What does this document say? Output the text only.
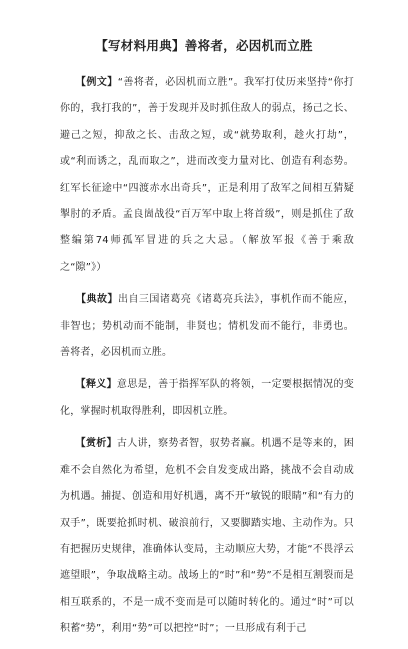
【写材料用典】善将者，必因机而立胜

　　【例文】“善将者，必因机而立胜”。我军打仗历来坚持“你打你的，我打我的”，善于发现并及时抓住敌人的弱点，扬己之长、避己之短，抑敌之长、击敌之短，或“就势取利，趁火打劫”，或“利而诱之，乱而取之”，进而改变力量对比、创造有利态势。红军长征途中“四渡赤水出奇兵”，正是利用了敌军之间相互猜疑掣肘的矛盾。孟良崮战役“百万军中取上将首级”，则是抓住了敌整编第74师孤军冒进的兵之大忌。（解放军报《善于乘敌之“隙”》）

　　【典故】出自三国诸葛亮《诸葛亮兵法》，事机作而不能应，非智也；势机动而不能制，非贤也；情机发而不能行，非勇也。善将者，必因机而立胜。

　　【释义】意思是，善于指挥军队的将领，一定要根据情况的变化，掌握时机取得胜利，即因机立胜。

　　【赏析】古人讲，察势者智，驭势者赢。机遇不是等来的，困难不会自然化为希望，危机不会自发变成出路，挑战不会自动成为机遇。捕捉、创造和用好机遇，离不开“敏锐的眼睛”和“有力的双手”，既要抢抓时机、破浪前行，又要脚踏实地、主动作为。只有把握历史规律，准确体认变局，主动顺应大势，才能“不畏浮云遮望眼”，争取战略主动。战场上的“时”和“势”不是相互割裂而是相互联系的，不是一成不变而是可以随时转化的。通过“时”可以积蓄“势”，利用“势”可以把控“时”；一旦形成有利于己
